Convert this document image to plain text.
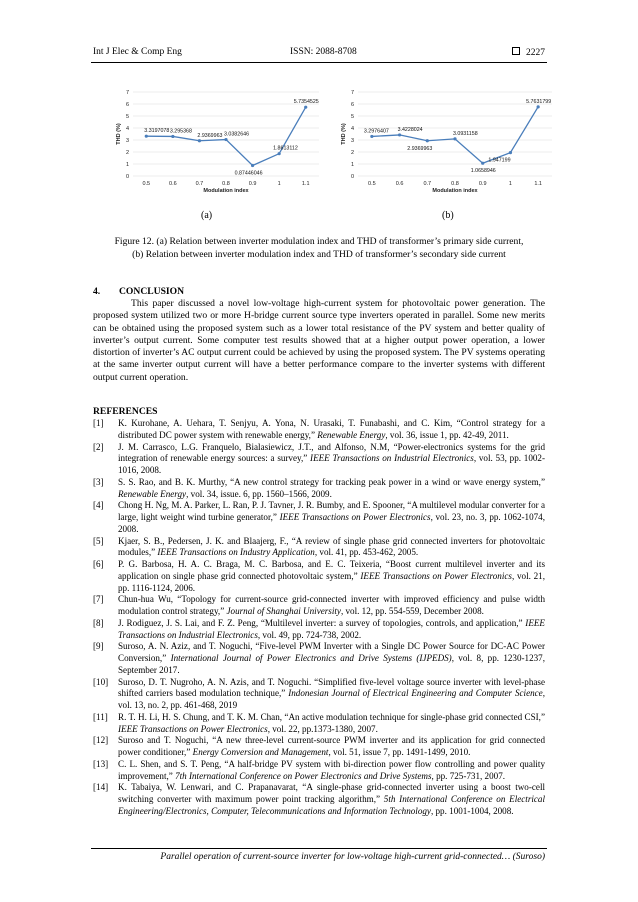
Int J Elec & Comp Eng	ISSN: 2088-8708	2227
0
1
2
3
4
5
6
7
0.5	0.6	0.7	0.8	0.9	1	1.1
Modulation index
THD (%)	3.3197078 3.295368
2.9369963 3.0382646
0.87446046
1.8613112
5.7354525
0
1
2
3
4
5
6
7
0.5	0.6	0.7	0.8	0.9	1	1.1
Modulation index
THD (%)	3.2976407 3.4228024
2.9369963
3.0931158
1.0658946
1.947199
5.7631799
(a)	(b)
Figure 12. (a) Relation between inverter modulation index and THD of transformer’s primary side current,
(b) Relation between inverter modulation index and THD of transformer’s secondary side current
4. CONCLUSION

This paper discussed a novel low-voltage high-current system for photovoltaic power generation. The proposed system utilized two or more H-bridge current source type inverters operated in parallel. Some new merits can be obtained using the proposed system such as a lower total resistance of the PV system and better quality of inverter’s output current. Some computer test results showed that at a higher output power operation, a lower distortion of inverter’s AC output current could be achieved by using the proposed system. The PV systems operating at the same inverter output current will have a better performance compare to the inverter systems with different output current operation.

REFERENCES
[1] K. Kurohane, A. Uehara, T. Senjyu, A. Yona, N. Urasaki, T. Funabashi, and C. Kim, “Control strategy for a distributed DC power system with renewable energy,” Renewable Energy, vol. 36, issue 1, pp. 42-49, 2011.
[2] J. M. Carrasco, L.G. Franquelo, Bialasiewicz, J.T., and Alfonso, N.M, “Power-electronics systems for the grid integration of renewable energy sources: a survey,” IEEE Transactions on Industrial Electronics, vol. 53, pp. 1002-1016, 2008.
[3] S. S. Rao, and B. K. Murthy, “A new control strategy for tracking peak power in a wind or wave energy system,” Renewable Energy, vol. 34, issue. 6, pp. 1560–1566, 2009.
[4] Chong H. Ng, M. A. Parker, L. Ran, P. J. Tavner, J. R. Bumby, and E. Spooner, “A multilevel modular converter for a large, light weight wind turbine generator,” IEEE Transactions on Power Electronics, vol. 23, no. 3, pp. 1062-1074, 2008.
[5] Kjaer, S. B., Pedersen, J. K. and Blaajerg, F., “A review of single phase grid connected inverters for photovoltaic modules,” IEEE Transactions on Industry Application, vol. 41, pp. 453-462, 2005.
[6] P. G. Barbosa, H. A. C. Braga, M. C. Barbosa, and E. C. Teixeria, “Boost current multilevel inverter and its application on single phase grid connected photovoltaic system,” IEEE Transactions on Power Electronics, vol. 21, pp. 1116-1124, 2006.
[7] Chun-hua Wu, “Topology for current-source grid-connected inverter with improved efficiency and pulse width modulation control strategy,” Journal of Shanghai University, vol. 12, pp. 554-559, December 2008.
[8] J. Rodiguez, J. S. Lai, and F. Z. Peng, “Multilevel inverter: a survey of topologies, controls, and application,” IEEE Transactions on Industrial Electronics, vol. 49, pp. 724-738, 2002.
[9] Suroso, A. N. Aziz, and T. Noguchi, “Five-level PWM Inverter with a Single DC Power Source for DC-AC Power Conversion,” International Journal of Power Electronics and Drive Systems (IJPEDS), vol. 8, pp. 1230-1237, September 2017.
[10] Suroso, D. T. Nugroho, A. N. Azis, and T. Noguchi. “Simplified five-level voltage source inverter with level-phase shifted carriers based modulation technique,” Indonesian Journal of Electrical Engineering and Computer Science, vol. 13, no. 2, pp. 461-468, 2019
[11] R. T. H. Li, H. S. Chung, and T. K. M. Chan, “An active modulation technique for single-phase grid connected CSI,” IEEE Transactions on Power Electronics, vol. 22, pp.1373-1380, 2007.
[12] Suroso and T. Noguchi, “A new three-level current-source PWM inverter and its application for grid connected power conditioner,” Energy Conversion and Management, vol. 51, issue 7, pp. 1491-1499, 2010.
[13] C. L. Shen, and S. T. Peng, “A half-bridge PV system with bi-direction power flow controlling and power quality improvement,” 7th International Conference on Power Electronics and Drive Systems, pp. 725-731, 2007.
[14] K. Tabaiya, W. Lenwari, and C. Prapanavarat, “A single-phase grid-connected inverter using a boost two-cell switching converter with maximum power point tracking algorithm,” 5th International Conference on Electrical Engineering/Electronics, Computer, Telecommunications and Information Technology, pp. 1001-1004, 2008.
Parallel operation of current-source inverter for low-voltage high-current grid-connected… (Suroso)
